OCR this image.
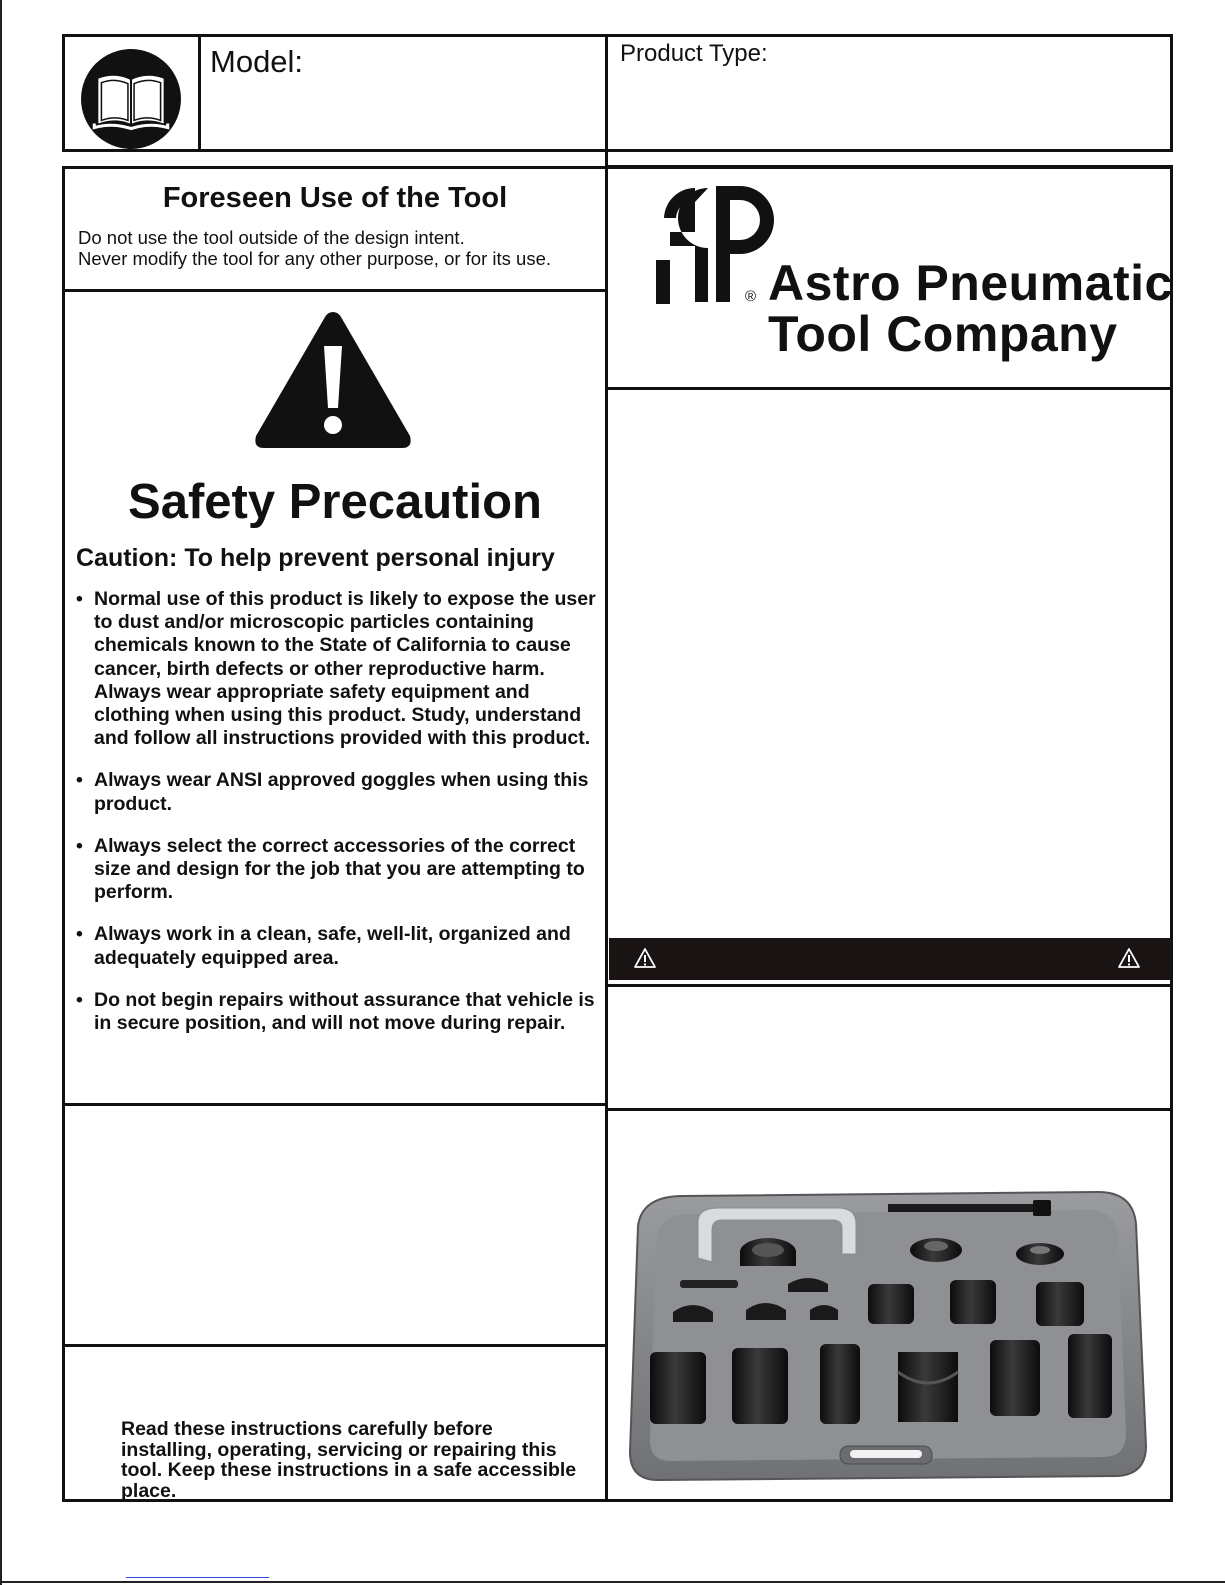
Model:	Product Type:
Foreseen Use of the Tool
Do not use the tool outside of the design intent.
Never modify the tool for any other purpose, or for its use.
Safety Precaution
Caution: To help prevent personal injury
• Normal use of this product is likely to expose the user to dust and/or microscopic particles containing chemicals known to the State of California to cause cancer, birth defects or other reproductive harm. Always wear appropriate safety equipment and clothing when using this product. Study, understand and follow all instructions provided with this product.
• Always wear ANSI approved goggles when using this product.
• Always select the correct accessories of the correct size and design for the job that you are attempting to perform.
• Always work in a clean, safe, well-lit, organized and adequately equipped area.
• Do not begin repairs without assurance that vehicle is in secure position, and will not move during repair.
Read these instructions carefully before installing, operating, servicing or repairing this tool. Keep these instructions in a safe accessible place.
® Astro Pneumatic
Tool Company
